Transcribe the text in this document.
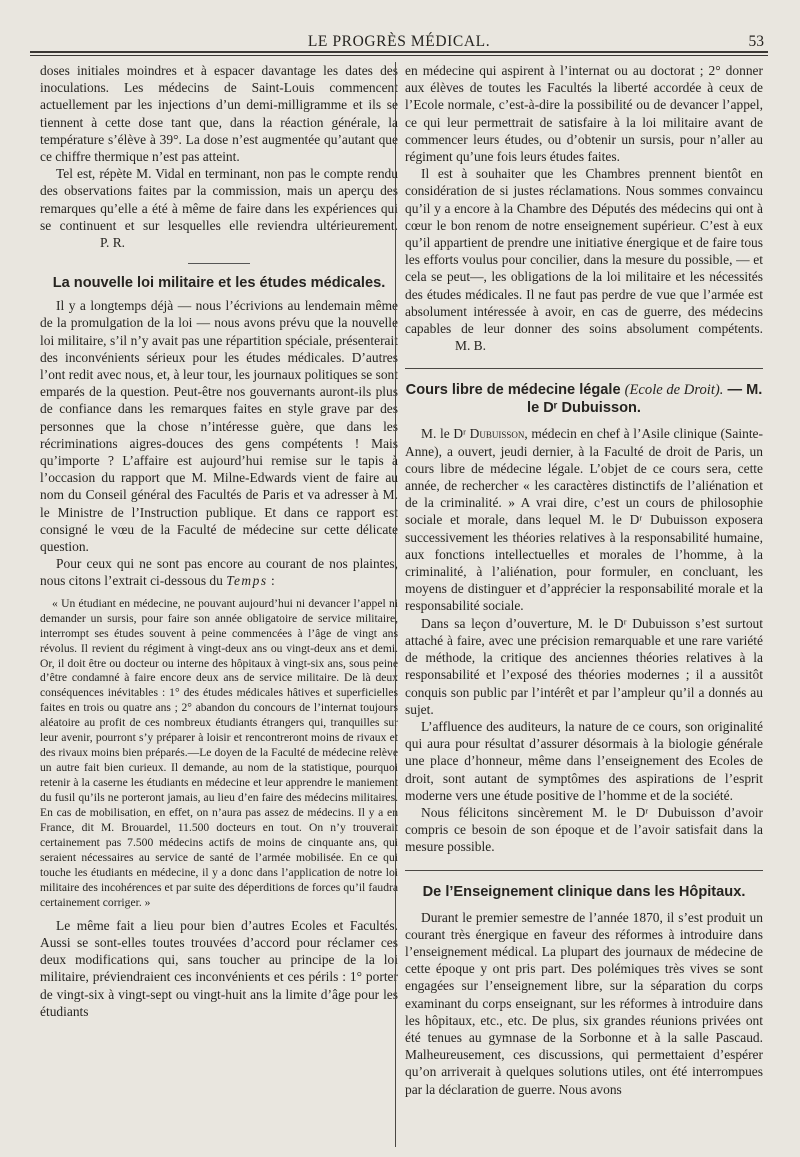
LE PROGRÈS MÉDICAL.	53

doses initiales moindres et à espacer davantage les dates des inoculations. Les médecins de Saint-Louis commencent actuellement par les injections d’un demi-milligramme et ils se tiennent à cette dose tant que, dans la réaction générale, la température s’élève à 39°. La dose n’est augmentée qu’autant que ce chiffre thermique n’est pas atteint.

Tel est, répète M. Vidal en terminant, non pas le compte rendu des observations faites par la commission, mais un aperçu des remarques qu’elle a été à même de faire dans les expériences qui se continuent et sur lesquelles elle reviendra ultérieurement.P. R.

La nouvelle loi militaire et les études médicales.

Il y a longtemps déjà — nous l’écrivions au lendemain même de la promulgation de la loi — nous avons prévu que la nouvelle loi militaire, s’il n’y avait pas une répartition spéciale, présenterait des inconvénients sérieux pour les études médicales. D’autres l’ont redit avec nous, et, à leur tour, les journaux politiques se sont emparés de la question. Peut-être nos gouvernants auront-ils plus de confiance dans les remarques faites en style grave par des personnes que la chose n’intéresse guère, que dans les récriminations aigres-douces des gens compétents ! Mais qu’importe ? L’affaire est aujourd’hui remise sur le tapis à l’occasion du rapport que M. Milne-Edwards vient de faire au nom du Conseil général des Facultés de Paris et va adresser à M. le Ministre de l’Instruction publique. Et dans ce rapport est consigné le vœu de la Faculté de médecine sur cette délicate question.

Pour ceux qui ne sont pas encore au courant de nos plaintes, nous citons l’extrait ci-dessous du Temps :

« Un étudiant en médecine, ne pouvant aujourd’hui ni devancer l’appel ni demander un sursis, pour faire son année obligatoire de service militaire, interrompt ses études souvent à peine commencées à l’âge de vingt ans révolus. Il revient du régiment à vingt-deux ans ou vingt-deux ans et demi. Or, il doit être ou docteur ou interne des hôpitaux à vingt-six ans, sous peine d’être condamné à faire encore deux ans de service militaire. De là deux conséquences inévitables : 1° des études médicales hâtives et superficielles faites en trois ou quatre ans ; 2° abandon du concours de l’internat toujours aléatoire au profit de ces nombreux étudiants étrangers qui, tranquilles sur leur avenir, pourront s’y préparer à loisir et rencontreront moins de rivaux et des rivaux moins bien préparés.—Le doyen de la Faculté de médecine relève un autre fait bien curieux. Il demande, au nom de la statistique, pourquoi retenir à la caserne les étudiants en médecine et leur apprendre le maniement du fusil qu’ils ne porteront jamais, au lieu d’en faire des médecins militaires. En cas de mobilisation, en effet, on n’aura pas assez de médecins. Il y a en France, dit M. Brouardel, 11.500 docteurs en tout. On n’y trouverait certainement pas 7.500 médecins actifs de moins de cinquante ans, qui seraient nécessaires au service de santé de l’armée mobilisée. En ce qui touche les étudiants en médecine, il y a donc dans l’application de notre loi militaire des incohérences et par suite des déperditions de forces qu’il faudra certainement corriger. »

Le même fait a lieu pour bien d’autres Ecoles et Facultés. Aussi se sont-elles toutes trouvées d’accord pour réclamer ces deux modifications qui, sans toucher au principe de la loi militaire, préviendraient ces inconvénients et ces périls : 1° porter de vingt-six à vingt-sept ou vingt-huit ans la limite d’âge pour les étudiants

en médecine qui aspirent à l’internat ou au doctorat ; 2° donner aux élèves de toutes les Facultés la liberté accordée à ceux de l’Ecole normale, c’est-à-dire la possibilité ou de devancer l’appel, ce qui leur permettrait de satisfaire à la loi militaire avant de commencer leurs études, ou d’obtenir un sursis, pour n’aller au régiment qu’une fois leurs études faites.

Il est à souhaiter que les Chambres prennent bientôt en considération de si justes réclamations. Nous sommes convaincu qu’il y a encore à la Chambre des Députés des médecins qui ont à cœur le bon renom de notre enseignement supérieur. C’est à eux qu’il appartient de prendre une initiative énergique et de faire tous les efforts voulus pour concilier, dans la mesure du possible, — et cela se peut—, les obligations de la loi militaire et les nécessités des études médicales. Il ne faut pas perdre de vue que l’armée est absolument intéressée à avoir, en cas de guerre, des médecins capables de leur donner des soins absolument compétents.M. B.

Cours libre de médecine légale (Ecole de Droit). — M. le Dʳ Dubuisson.

M. le Dʳ Dubuisson, médecin en chef à l’Asile clinique (Sainte-Anne), a ouvert, jeudi dernier, à la Faculté de droit de Paris, un cours libre de médecine légale. L’objet de ce cours sera, cette année, de rechercher « les caractères distinctifs de l’aliénation et de la criminalité. » A vrai dire, c’est un cours de philosophie sociale et morale, dans lequel M. le Dʳ Dubuisson exposera successivement les théories relatives à la responsabilité humaine, aux fonctions intellectuelles et morales de l’homme, à la criminalité, à l’aliénation, pour formuler, en concluant, les moyens de distinguer et d’apprécier la responsabilité morale et la responsabilité sociale.

Dans sa leçon d’ouverture, M. le Dʳ Dubuisson s’est surtout attaché à faire, avec une précision remarquable et une rare variété de méthode, la critique des anciennes théories relatives à la responsabilité et l’exposé des théories modernes ; il a aussitôt conquis son public par l’intérêt et par l’ampleur qu’il a donnés au sujet.

L’affluence des auditeurs, la nature de ce cours, son originalité qui aura pour résultat d’assurer désormais à la biologie générale une place d’honneur, même dans l’enseignement des Ecoles de droit, sont autant de symptômes des aspirations de l’esprit moderne vers une étude positive de l’homme et de la société.

Nous félicitons sincèrement M. le Dʳ Dubuisson d’avoir compris ce besoin de son époque et de l’avoir satisfait dans la mesure possible.

De l’Enseignement clinique dans les Hôpitaux.

Durant le premier semestre de l’année 1870, il s’est produit un courant très énergique en faveur des réformes à introduire dans l’enseignement médical. La plupart des journaux de médecine de cette époque y ont pris part. Des polémiques très vives se sont engagées sur l’enseignement libre, sur la séparation du corps examinant du corps enseignant, sur les réformes à introduire dans les hôpitaux, etc., etc. De plus, six grandes réunions privées ont été tenues au gymnase de la Sorbonne et à la salle Pascaud. Malheureusement, ces discussions, qui permettaient d’espérer qu’on arriverait à quelques solutions utiles, ont été interrompues par la déclaration de guerre. Nous avons
